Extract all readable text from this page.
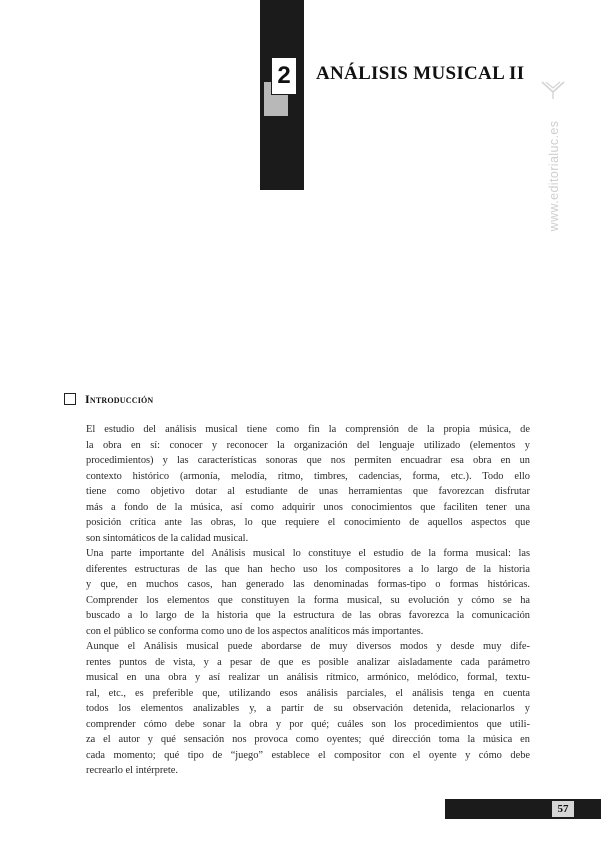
2	ANÁLISIS MUSICAL II
www.editorialuc.es
Introducción
El estudio del análisis musical tiene como fin la comprensión de la propia música, de
la obra en sí: conocer y reconocer la organización del lenguaje utilizado (elementos y
procedimientos) y las características sonoras que nos permiten encuadrar esa obra en un
contexto histórico (armonía, melodía, ritmo, timbres, cadencias, forma, etc.). Todo ello
tiene como objetivo dotar al estudiante de unas herramientas que favorezcan disfrutar
más a fondo de la música, así como adquirir unos conocimientos que faciliten tener una
posición crítica ante las obras, lo que requiere el conocimiento de aquellos aspectos que
son sintomáticos de la calidad musical.
Una parte importante del Análisis musical lo constituye el estudio de la forma musical: las
diferentes estructuras de las que han hecho uso los compositores a lo largo de la historia
y que, en muchos casos, han generado las denominadas formas-tipo o formas históricas.
Comprender los elementos que constituyen la forma musical, su evolución y cómo se ha
buscado a lo largo de la historia que la estructura de las obras favorezca la comunicación
con el público se conforma como uno de los aspectos analíticos más importantes.
Aunque el Análisis musical puede abordarse de muy diversos modos y desde muy dife-
rentes puntos de vista, y a pesar de que es posible analizar aisladamente cada parámetro
musical en una obra y así realizar un análisis rítmico, armónico, melódico, formal, textu-
ral, etc., es preferible que, utilizando esos análisis parciales, el análisis tenga en cuenta
todos los elementos analizables y, a partir de su observación detenida, relacionarlos y
comprender cómo debe sonar la obra y por qué; cuáles son los procedimientos que utili-
za el autor y qué sensación nos provoca como oyentes; qué dirección toma la música en
cada momento; qué tipo de “juego” establece el compositor con el oyente y cómo debe
recrearlo el intérprete.
57
